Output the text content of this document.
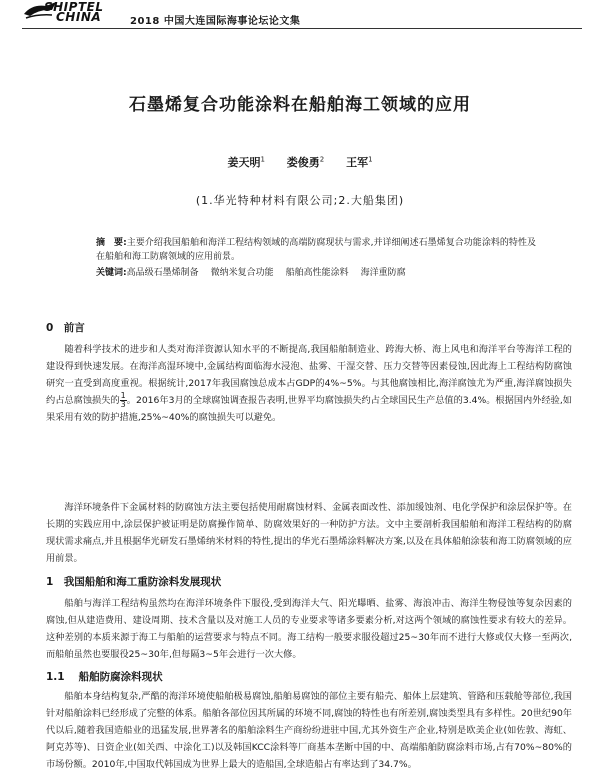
SHIPTEL
CHINA	2018 中国大连国际海事论坛论文集
石墨烯复合功能涂料在船舶海工领域的应用
姜天明$^1$ 娄俊勇$^2$ 王军$^1$
(1.华光特种材料有限公司;2.大船集团)
摘　要:主要介绍我国船舶和海洋工程结构领域的高端防腐现状与需求,并详细阐述石墨烯复合功能涂料的特性及在船舶和海工防腐领域的应用前景。
关键词:高品级石墨烯制备 微纳米复合功能 船舶高性能涂料 海洋重防腐
0　前言
随着科学技术的进步和人类对海洋资源认知水平的不断提高,我国船舶制造业、跨海大桥、海上风电和海洋平台等海洋工程的建设得到快速发展。在海洋高湿环境中,金属结构面临海水浸泡、盐雾、干湿交替、压力交替等因素侵蚀,因此海上工程结构防腐蚀研究一直受到高度重视。根据统计,2017年我国腐蚀总成本占GDP的4%~5%。与其他腐蚀相比,海洋腐蚀尤为严重,海洋腐蚀损失约占总腐蚀损失的 $\frac{1}{3}$ 。2016年3月的全球腐蚀调查报告表明,世界平均腐蚀损失约占全球国民生产总值的3.4%。根据国内外经验,如果采用有效的防护措施,25%~40%的腐蚀损失可以避免。
海洋环境条件下金属材料的防腐蚀方法主要包括使用耐腐蚀材料、金属表面改性、添加缓蚀剂、电化学保护和涂层保护等。在长期的实践应用中,涂层保护被证明是防腐操作简单、防腐效果好的一种防护方法。文中主要剖析我国船舶和海洋工程结构的防腐现状需求痛点,并且根据华光研发石墨烯纳米材料的特性,提出的华光石墨烯涂料解决方案,以及在具体船舶涂装和海工防腐领域的应用前景。
1　我国船舶和海工重防涂料发展现状
船舶与海洋工程结构虽然均在海洋环境条件下服役,受到海洋大气、阳光曝晒、盐雾、海浪冲击、海洋生物侵蚀等复杂因素的腐蚀,但从建造费用、建设周期、技术含量以及对施工人员的专业要求等诸多要素分析,对这两个领域的腐蚀性要求有较大的差异。这种差别的本质来源于海工与船舶的运营要求与特点不同。海工结构一般要求服役超过25~30年而不进行大修或仅大修一至两次,而船舶虽然也要服役25~30年,但每隔3~5年会进行一次大修。
1.1 船舶防腐涂料现状
船舶本身结构复杂,严酷的海洋环境使船舶极易腐蚀,船舶易腐蚀的部位主要有船壳、船体上层建筑、管路和压载舱等部位,我国针对船舶涂料已经形成了完整的体系。船舶各部位因其所属的环境不同,腐蚀的特性也有所差别,腐蚀类型具有多样性。20世纪90年代以后,随着我国造船业的迅猛发展,世界著名的船舶涂料生产商纷纷进驻中国,尤其外资生产企业,特别是欧美企业(如佐敦、海虹、阿克苏等)、日资企业(如关西、中涂化工)以及韩国KCC涂料等厂商基本垄断中国的中、高端船舶防腐涂料市场,占有70%~80%的市场份额。2010年,中国取代韩国成为世界上最大的造船国,全球造船占有率达到了34.7%。
